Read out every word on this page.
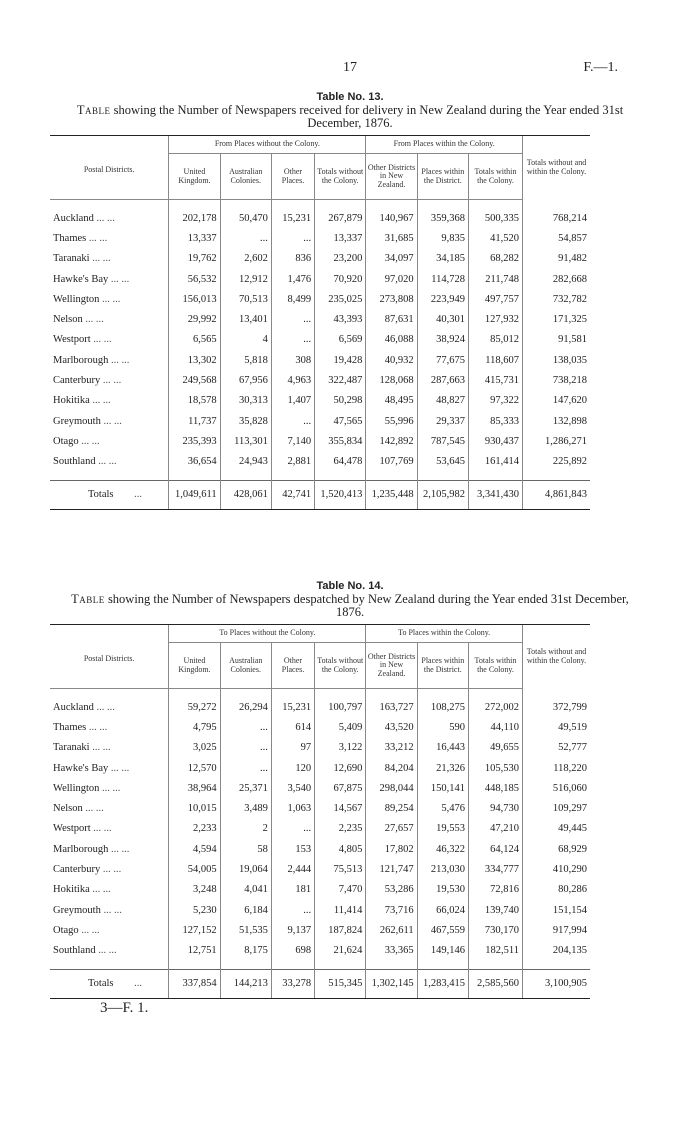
17	F.—1.
Table No. 13.
Table showing the Number of Newspapers received for delivery in New Zealand during the Year ended 31st December, 1876.
Postal Districts.	From Places without the Colony.				From Places within the Colony.			Totals without and within the Colony.
	United Kingdom.	Australian Colonies.	Other Places.	Totals without the Colony.	Other Districts in New Zealand.	Places within the District.	Totals within the Colony.	

Auckland ... ...	202,178	50,470	15,231	267,879	140,967	359,368	500,335	768,214
Thames ... ...	13,337	...	...	13,337	31,685	9,835	41,520	54,857
Taranaki ... ...	19,762	2,602	836	23,200	34,097	34,185	68,282	91,482
Hawke's Bay ... ...	56,532	12,912	1,476	70,920	97,020	114,728	211,748	282,668
Wellington ... ...	156,013	70,513	8,499	235,025	273,808	223,949	497,757	732,782
Nelson ... ...	29,992	13,401	...	43,393	87,631	40,301	127,932	171,325
Westport ... ...	6,565	4	...	6,569	46,088	38,924	85,012	91,581
Marlborough ... ...	13,302	5,818	308	19,428	40,932	77,675	118,607	138,035
Canterbury ... ...	249,568	67,956	4,963	322,487	128,068	287,663	415,731	738,218
Hokitika ... ...	18,578	30,313	1,407	50,298	48,495	48,827	97,322	147,620
Greymouth ... ...	11,737	35,828	...	47,565	55,996	29,337	85,333	132,898
Otago ... ...	235,393	113,301	7,140	355,834	142,892	787,545	930,437	1,286,271
Southland ... ...	36,654	24,943	2,881	64,478	107,769	53,645	161,414	225,892

Totals ...	1,049,611	428,061	42,741	1,520,413	1,235,448	2,105,982	3,341,430	4,861,843
Table No. 14.
Table showing the Number of Newspapers despatched by New Zealand during the Year ended 31st December, 1876.
Postal Districts.	To Places without the Colony.				To Places within the Colony.			Totals without and within the Colony.
	United Kingdom.	Australian Colonies.	Other Places.	Totals without the Colony.	Other Districts in New Zealand.	Places within the District.	Totals within the Colony.	

Auckland ... ...	59,272	26,294	15,231	100,797	163,727	108,275	272,002	372,799
Thames ... ...	4,795	...	614	5,409	43,520	590	44,110	49,519
Taranaki ... ...	3,025	...	97	3,122	33,212	16,443	49,655	52,777
Hawke's Bay ... ...	12,570	...	120	12,690	84,204	21,326	105,530	118,220
Wellington ... ...	38,964	25,371	3,540	67,875	298,044	150,141	448,185	516,060
Nelson ... ...	10,015	3,489	1,063	14,567	89,254	5,476	94,730	109,297
Westport ... ...	2,233	2	...	2,235	27,657	19,553	47,210	49,445
Marlborough ... ...	4,594	58	153	4,805	17,802	46,322	64,124	68,929
Canterbury ... ...	54,005	19,064	2,444	75,513	121,747	213,030	334,777	410,290
Hokitika ... ...	3,248	4,041	181	7,470	53,286	19,530	72,816	80,286
Greymouth ... ...	5,230	6,184	...	11,414	73,716	66,024	139,740	151,154
Otago ... ...	127,152	51,535	9,137	187,824	262,611	467,559	730,170	917,994
Southland ... ...	12,751	8,175	698	21,624	33,365	149,146	182,511	204,135

Totals ...	337,854	144,213	33,278	515,345	1,302,145	1,283,415	2,585,560	3,100,905
3—F. 1.
